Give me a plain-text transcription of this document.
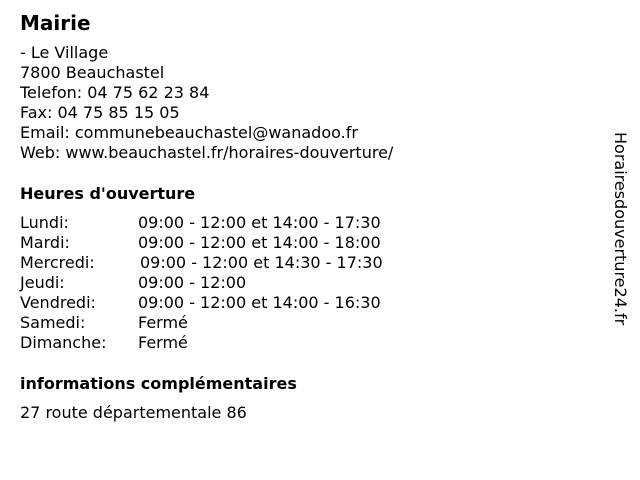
Mairie
- Le Village
7800 Beauchastel
Telefon: 04 75 62 23 84
Fax: 04 75 85 15 05
Email: communebeauchastel@wanadoo.fr
Web: www.beauchastel.fr/horaires-douverture/
Heures d'ouverture
Lundi:	09:00 - 12:00 et 14:00 - 17:30
Mardi:	09:00 - 12:00 et 14:00 - 18:00
Mercredi:	09:00 - 12:00 et 14:30 - 17:30
Jeudi:	09:00 - 12:00
Vendredi:	09:00 - 12:00 et 14:00 - 16:30
Samedi:	Fermé
Dimanche: Fermé
informations complémentaires
27 route départementale 86
Horairesdouverture24.fr
